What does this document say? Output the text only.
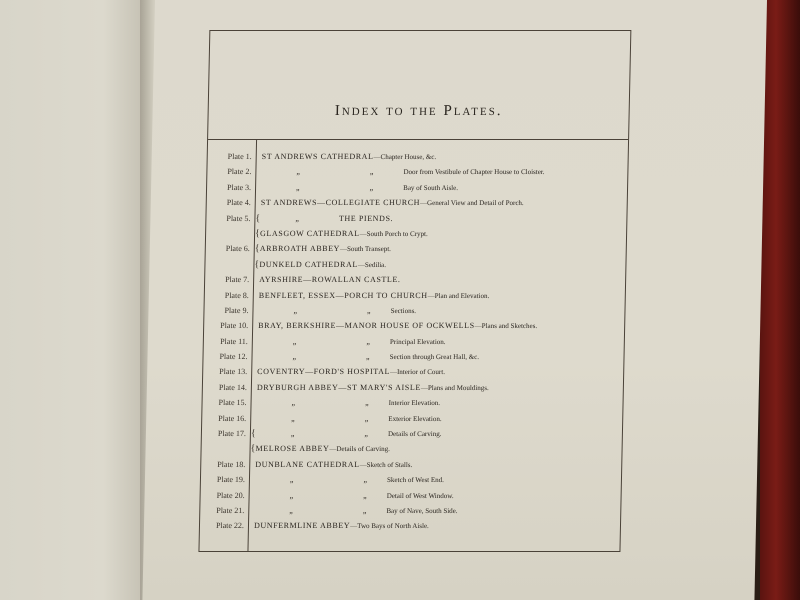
Index to the Plates.
Plate 1. ST ANDREWS CATHEDRAL—Chapter House, &c.
Plate 2.	„	„	Door from Vestibule of Chapter House to Cloister.
Plate 3.	„	„	Bay of South Aisle.
Plate 4. ST ANDREWS—COLLEGIATE CHURCH—General View and Detail of Porch.
Plate 5. {	„	THE PIENDS.
{ GLASGOW CATHEDRAL—South Porch to Crypt.
Plate 6. { ARBROATH ABBEY—South Transept.
{ DUNKELD CATHEDRAL—Sedilia.
Plate 7. AYRSHIRE—ROWALLAN CASTLE.
Plate 8. BENFLEET, ESSEX—PORCH TO CHURCH—Plan and Elevation.
Plate 9.	„	„	Sections.
Plate 10. BRAY, BERKSHIRE—MANOR HOUSE OF OCKWELLS—Plans and Sketches.
Plate 11.	„	„	Principal Elevation.
Plate 12.	„	„	Section through Great Hall, &c.
Plate 13. COVENTRY—FORD'S HOSPITAL—Interior of Court.
Plate 14. DRYBURGH ABBEY—ST MARY'S AISLE—Plans and Mouldings.
Plate 15.	„	„	Interior Elevation.
Plate 16.	„	„	Exterior Elevation.
Plate 17. {	„	„	Details of Carving.
{ MELROSE ABBEY—Details of Carving.
Plate 18. DUNBLANE CATHEDRAL—Sketch of Stalls.
Plate 19.	„	„	Sketch of West End.
Plate 20.	„	„	Detail of West Window.
Plate 21.	„	„	Bay of Nave, South Side.
Plate 22. DUNFERMLINE ABBEY—Two Bays of North Aisle.
